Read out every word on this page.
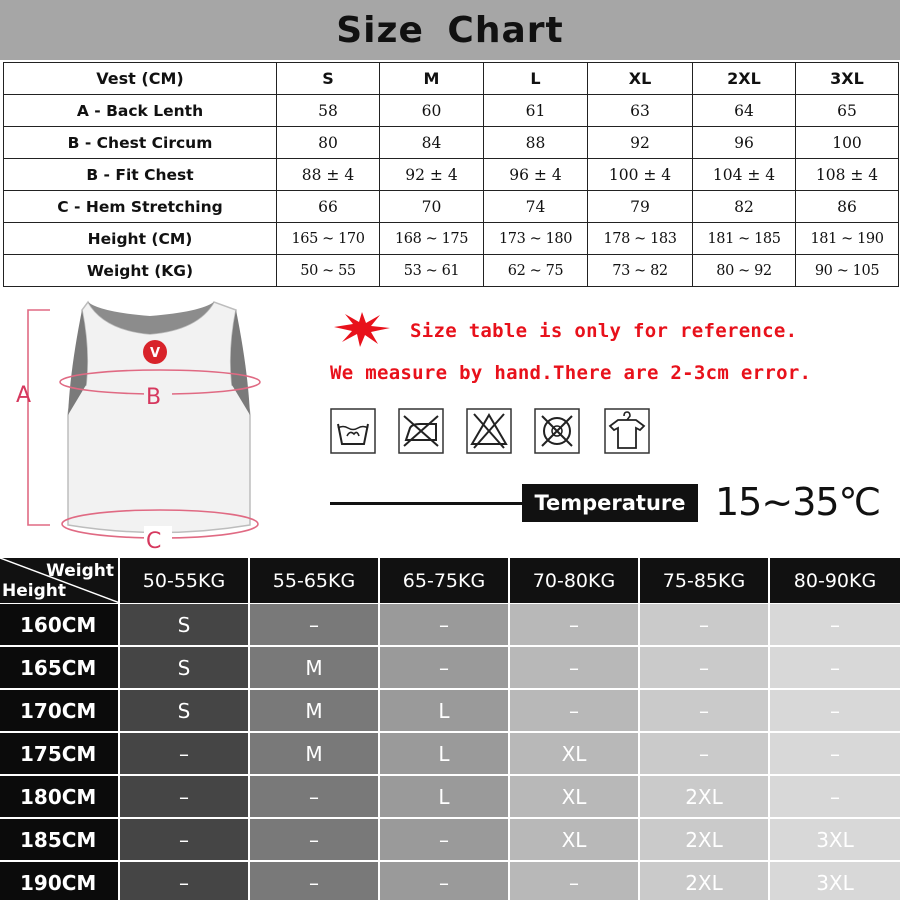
Size Chart
Vest (CM)	S	M	L	XL	2XL	3XL
A - Back Lenth	58	60	61	63	64	65
B - Chest Circum	80	84	88	92	96	100
B - Fit Chest	88 ± 4	92 ± 4	96 ± 4	100 ± 4	104 ± 4	108 ± 4
C - Hem Stretching	66	70	74	79	82	86
Height (CM)	165 ~ 170	168 ~ 175	173 ~ 180	178 ~ 183	181 ~ 185	181 ~ 190
Weight (KG)	50 ~ 55	53 ~ 61	62 ~ 75	73 ~ 82	80 ~ 92	90 ~ 105
V
A	B
C
Size table is only for reference.
We measure by hand.There are 2-3cm error.
Temperature 15~35℃
Weight
Height	50-55KG	55-65KG	65-75KG	70-80KG	75-85KG	80-90KG
160CM	S	–	–	–	–	–
165CM	S	M	–	–	–	–
170CM	S	M	L	–	–	–
175CM	–	M	L	XL	–	–
180CM	–	–	L	XL	2XL	–
185CM	–	–	–	XL	2XL	3XL
190CM	–	–	–	–	2XL	3XL
